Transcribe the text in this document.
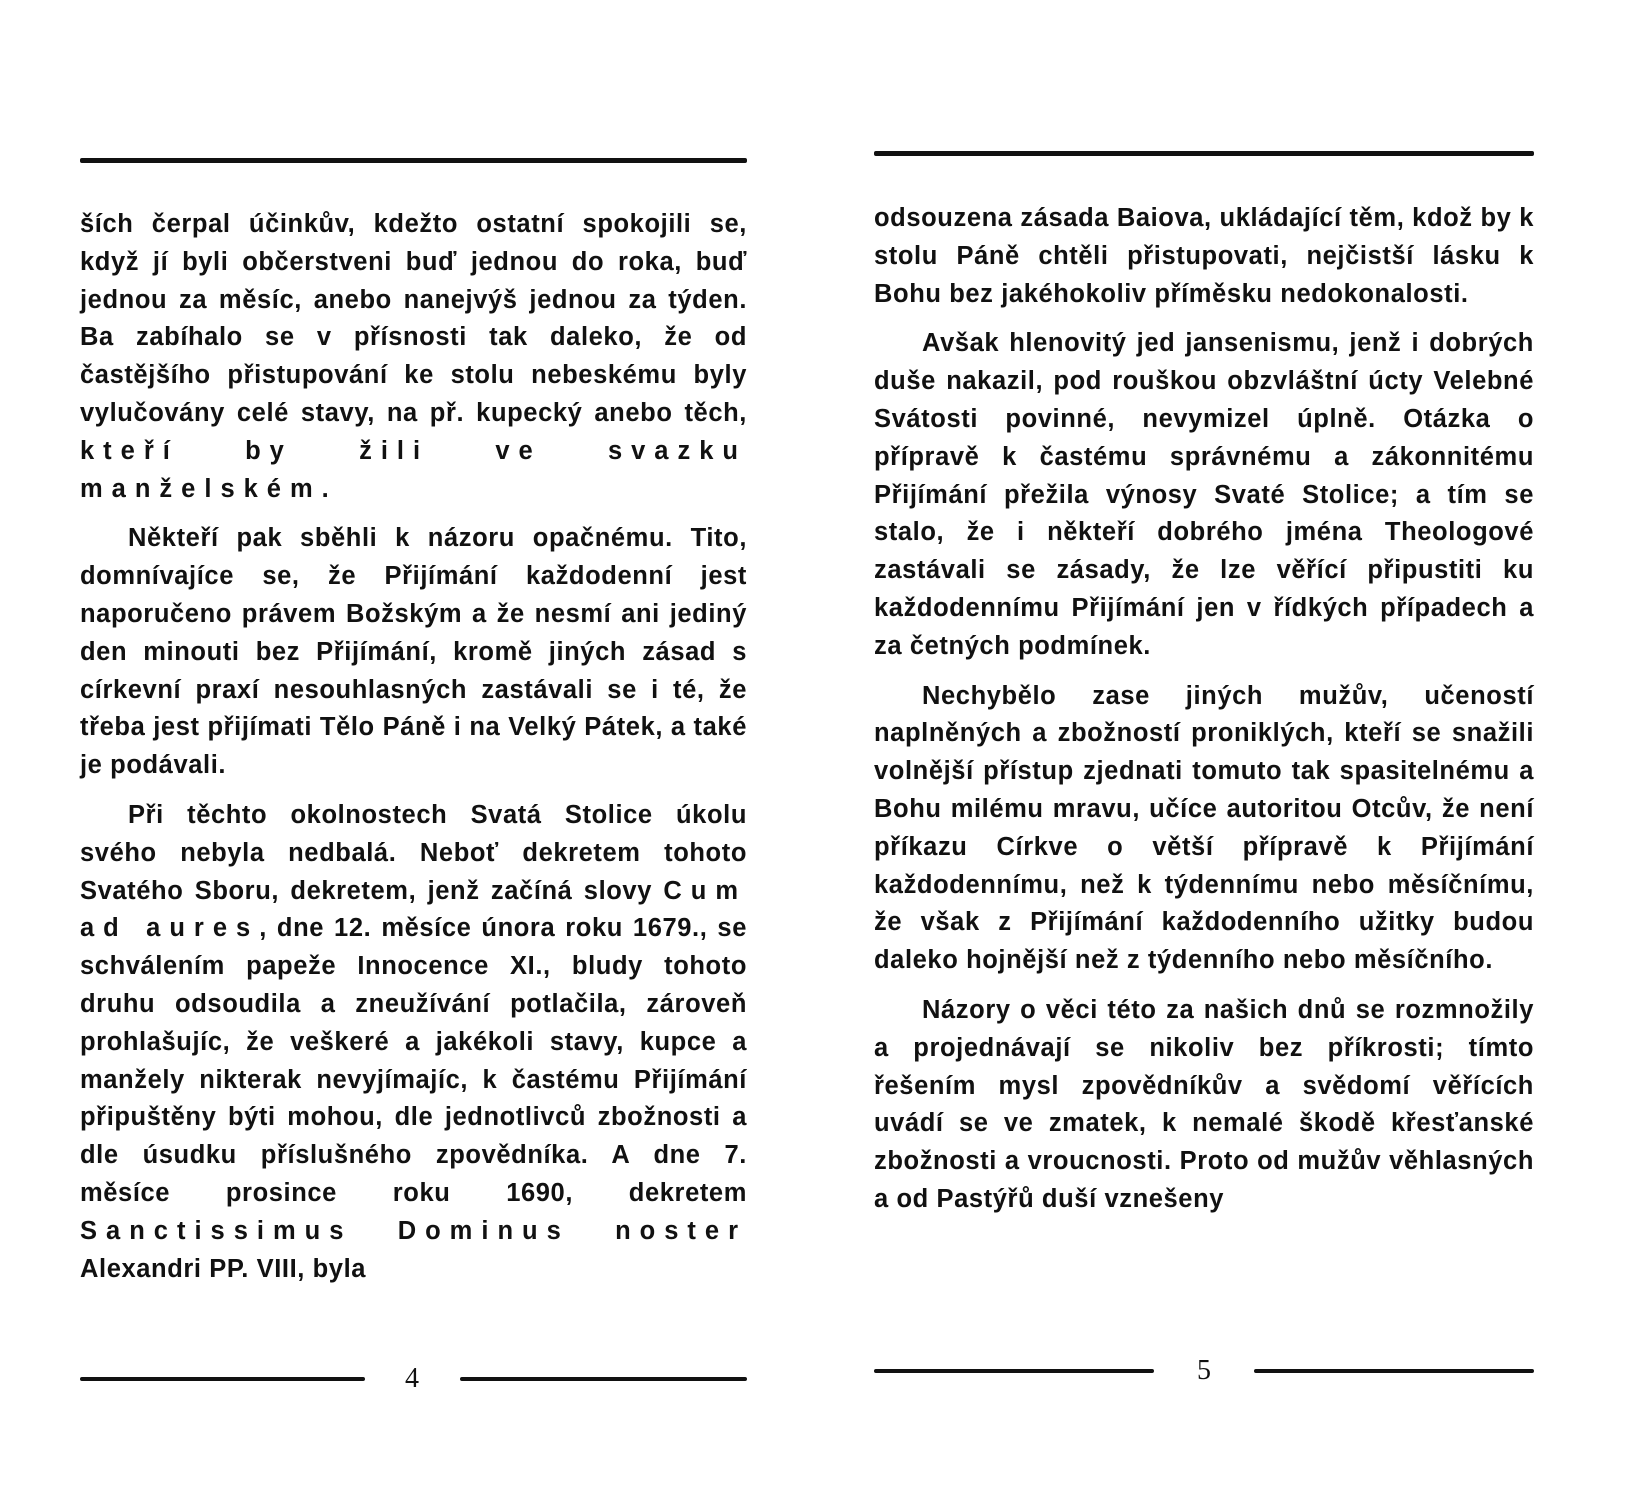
ších čerpal účinkův, kdežto ostatní spokojili se, když jí byli občerstveni buď jednou do roka, buď jednou za měsíc, anebo nanejvýš jednou za týden. Ba zabíhalo se v přísnosti tak daleko, že od častějšího přistupování ke stolu nebeskému byly vylučovány celé stavy, na př. kupecký anebo těch, kteří by žili ve svazku manželském.

Někteří pak sběhli k názoru opačnému. Tito, domnívajíce se, že Přijímání každodenní jest naporučeno právem Božským a že nesmí ani jediný den minouti bez Přijímání, kromě jiných zásad s církevní praxí nesouhlasných zastávali se i té, že třeba jest přijímati Tělo Páně i na Velký Pátek, a také je podávali.

Při těchto okolnostech Svatá Stolice úkolu svého nebyla nedbalá. Neboť dekretem tohoto Svatého Sboru, dekretem, jenž začíná slovy Cum ad aures, dne 12. měsíce února roku 1679., se schválením papeže Innocence XI., bludy tohoto druhu odsoudila a zneužívání potlačila, zároveň prohlašujíc, že veškeré a jakékoli stavy, kupce a manžely nikterak nevyjímajíc, k častému Přijímání připuštěny býti mohou, dle jednotlivců zbožnosti a dle úsudku příslušného zpovědníka. A dne 7. měsíce prosince roku 1690, dekretem Sanctissimus Dominus noster Alexandri PP. VIII, byla

4

odsouzena zásada Baiova, ukládající těm, kdož by k stolu Páně chtěli přistupovati, nejčistší lásku k Bohu bez jakéhokoliv příměsku nedokonalosti.

Avšak hlenovitý jed jansenismu, jenž i dobrých duše nakazil, pod rouškou obzvláštní úcty Velebné Svátosti povinné, nevymizel úplně. Otázka o přípravě k častému správnému a zákonnitému Přijímání přežila výnosy Svaté Stolice; a tím se stalo, že i někteří dobrého jména Theologové zastávali se zásady, že lze věřící připustiti ku každodennímu Přijímání jen v řídkých případech a za četných podmínek.

Nechybělo zase jiných mužův, učeností naplněných a zbožností proniklých, kteří se snažili volnější přístup zjednati tomuto tak spasitelnému a Bohu milému mravu, učíce autoritou Otcův, že není příkazu Církve o větší přípravě k Přijímání každodennímu, než k týdennímu nebo měsíčnímu, že však z Přijímání každodenního užitky budou daleko hojnější než z týdenního nebo měsíčního.

Názory o věci této za našich dnů se rozmnožily a projednávají se nikoliv bez příkrosti; tímto řešením mysl zpovědníkův a svědomí věřících uvádí se ve zmatek, k nemalé škodě křesťanské zbožnosti a vroucnosti. Proto od mužův věhlasných a od Pastýřů duší vznešeny

5
